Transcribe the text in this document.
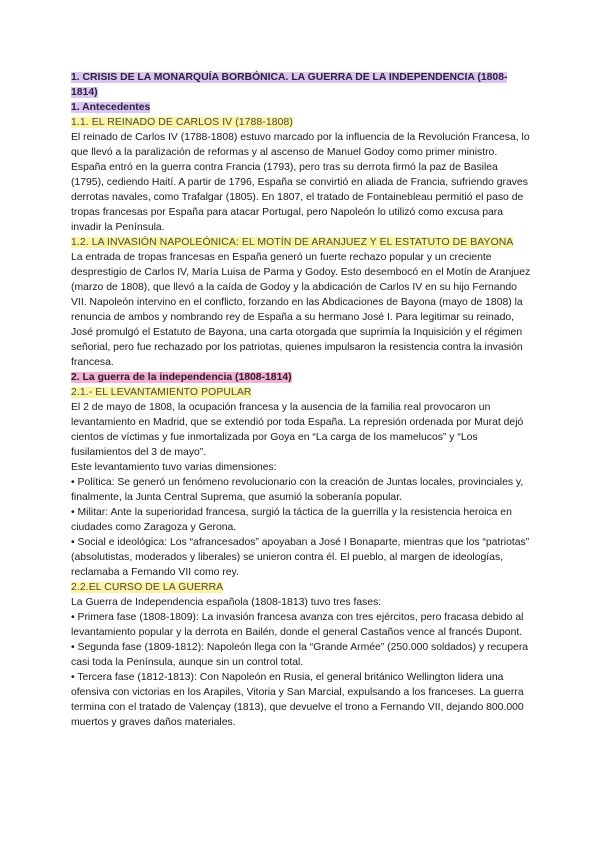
1. CRISIS DE LA MONARQUÍA BORBÓNICA. LA GUERRA DE LA INDEPENDENCIA (1808-1814)

1. Antecedentes

1.1. EL REINADO DE CARLOS IV (1788-1808)

El reinado de Carlos IV (1788-1808) estuvo marcado por la influencia de la Revolución Francesa, lo que llevó a la paralización de reformas y al ascenso de Manuel Godoy como primer ministro. España entró en la guerra contra Francia (1793), pero tras su derrota firmó la paz de Basilea (1795), cediendo Haití. A partir de 1796, España se convirtió en aliada de Francia, sufriendo graves derrotas navales, como Trafalgar (1805). En 1807, el tratado de Fontainebleau permitió el paso de tropas francesas por España para atacar Portugal, pero Napoleón lo utilizó como excusa para invadir la Península.

1.2. LA INVASIÓN NAPOLEÓNICA: EL MOTÍN DE ARANJUEZ Y EL ESTATUTO DE BAYONA

La entrada de tropas francesas en España generó un fuerte rechazo popular y un creciente desprestigio de Carlos IV, María Luisa de Parma y Godoy. Esto desembocó en el Motín de Aranjuez (marzo de 1808), que llevó a la caída de Godoy y la abdicación de Carlos IV en su hijo Fernando VII. Napoleón intervino en el conflicto, forzando en las Abdicaciones de Bayona (mayo de 1808) la renuncia de ambos y nombrando rey de España a su hermano José I. Para legitimar su reinado, José promulgó el Estatuto de Bayona, una carta otorgada que suprimía la Inquisición y el régimen señorial, pero fue rechazado por los patriotas, quienes impulsaron la resistencia contra la invasión francesa.

2. La guerra de la independencia (1808-1814)

2.1.- EL LEVANTAMIENTO POPULAR

El 2 de mayo de 1808, la ocupación francesa y la ausencia de la familia real provocaron un levantamiento en Madrid, que se extendió por toda España. La represión ordenada por Murat dejó cientos de víctimas y fue inmortalizada por Goya en “La carga de los mamelucos” y “Los fusilamientos del 3 de mayo”.

Este levantamiento tuvo varias dimensiones:

• Política: Se generó un fenómeno revolucionario con la creación de Juntas locales, provinciales y, finalmente, la Junta Central Suprema, que asumió la soberanía popular.
• Militar: Ante la superioridad francesa, surgió la táctica de la guerrilla y la resistencia heroica en ciudades como Zaragoza y Gerona.
• Social e ideológica: Los “afrancesados” apoyaban a José I Bonaparte, mientras que los “patriotas” (absolutistas, moderados y liberales) se unieron contra él. El pueblo, al margen de ideologías, reclamaba a Fernando VII como rey.

2.2.EL CURSO DE LA GUERRA

La Guerra de Independencia española (1808-1813) tuvo tres fases:

• Primera fase (1808-1809): La invasión francesa avanza con tres ejércitos, pero fracasa debido al levantamiento popular y la derrota en Bailén, donde el general Castaños vence al francés Dupont.
• Segunda fase (1809-1812): Napoleón llega con la “Grande Armée” (250.000 soldados) y recupera casi toda la Península, aunque sin un control total.
• Tercera fase (1812-1813): Con Napoleón en Rusia, el general británico Wellington lidera una ofensiva con victorias en los Arapiles, Vitoria y San Marcial, expulsando a los franceses. La guerra termina con el tratado de Valençay (1813), que devuelve el trono a Fernando VII, dejando 800.000 muertos y graves daños materiales.
